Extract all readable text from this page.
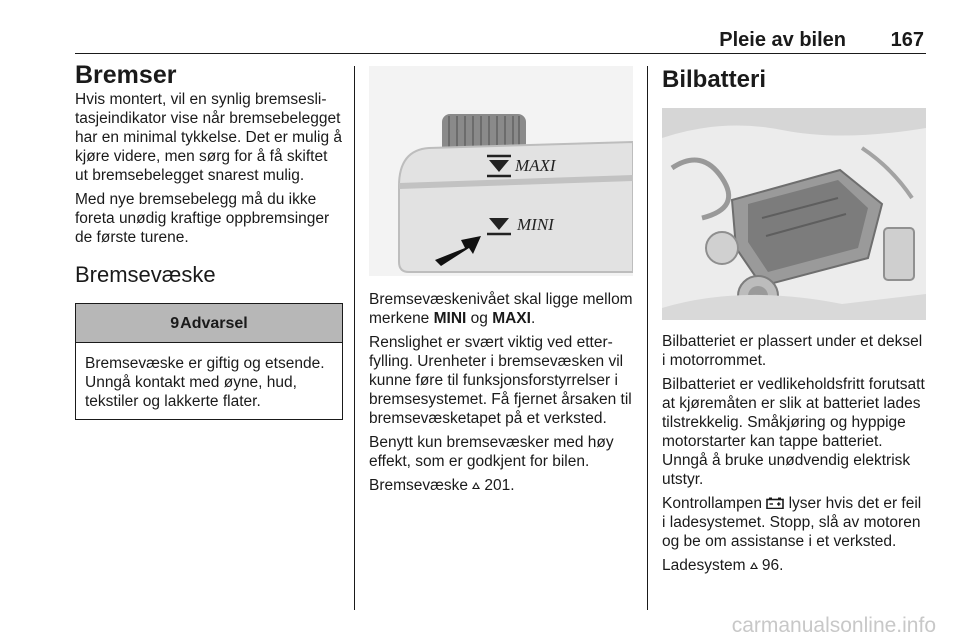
Pleie av bilen 167
Bremser

Hvis montert, vil en synlig bremseslitasjeindikator vise når bremsebelegget har en minimal tykkelse. Det er mulig å kjøre videre, men sørg for å få skiftet ut bremsebelegget snarest mulig.

Med nye bremsebelegg må du ikke foreta unødig kraftige oppbremsinger de første turene.

Bremsevæske
9 Advarsel
Bremsevæske er giftig og etsende. Unngå kontakt med øyne, hud, tekstiler og lakkerte flater.
MAXI
MINI

Bremsevæskenivået skal ligge mellom merkene MINI og MAXI.

Renslighet er svært viktig ved etterfylling. Urenheter i bremsevæsken vil kunne føre til funksjonsforstyrrelser i bremsesystemet. Få fjernet årsaken til bremsevæsketapet på et verksted.

Benytt kun bremsevæsker med høy effekt, som er godkjent for bilen.

Bremsevæske 201.

Bilbatteri

Bilbatteriet er plassert under et deksel i motorrommet.

Bilbatteriet er vedlikeholdsfritt forutsatt at kjøremåten er slik at batteriet lades tilstrekkelig. Småkjøring og hyppige motorstarter kan tappe batteriet. Unngå å bruke unødvendig elektrisk utstyr.

Kontrollampen  lyser hvis det er feil i ladesystemet. Stopp, slå av motoren og be om assistanse i et verksted.

Ladesystem 96.

carmanualsonline.info
